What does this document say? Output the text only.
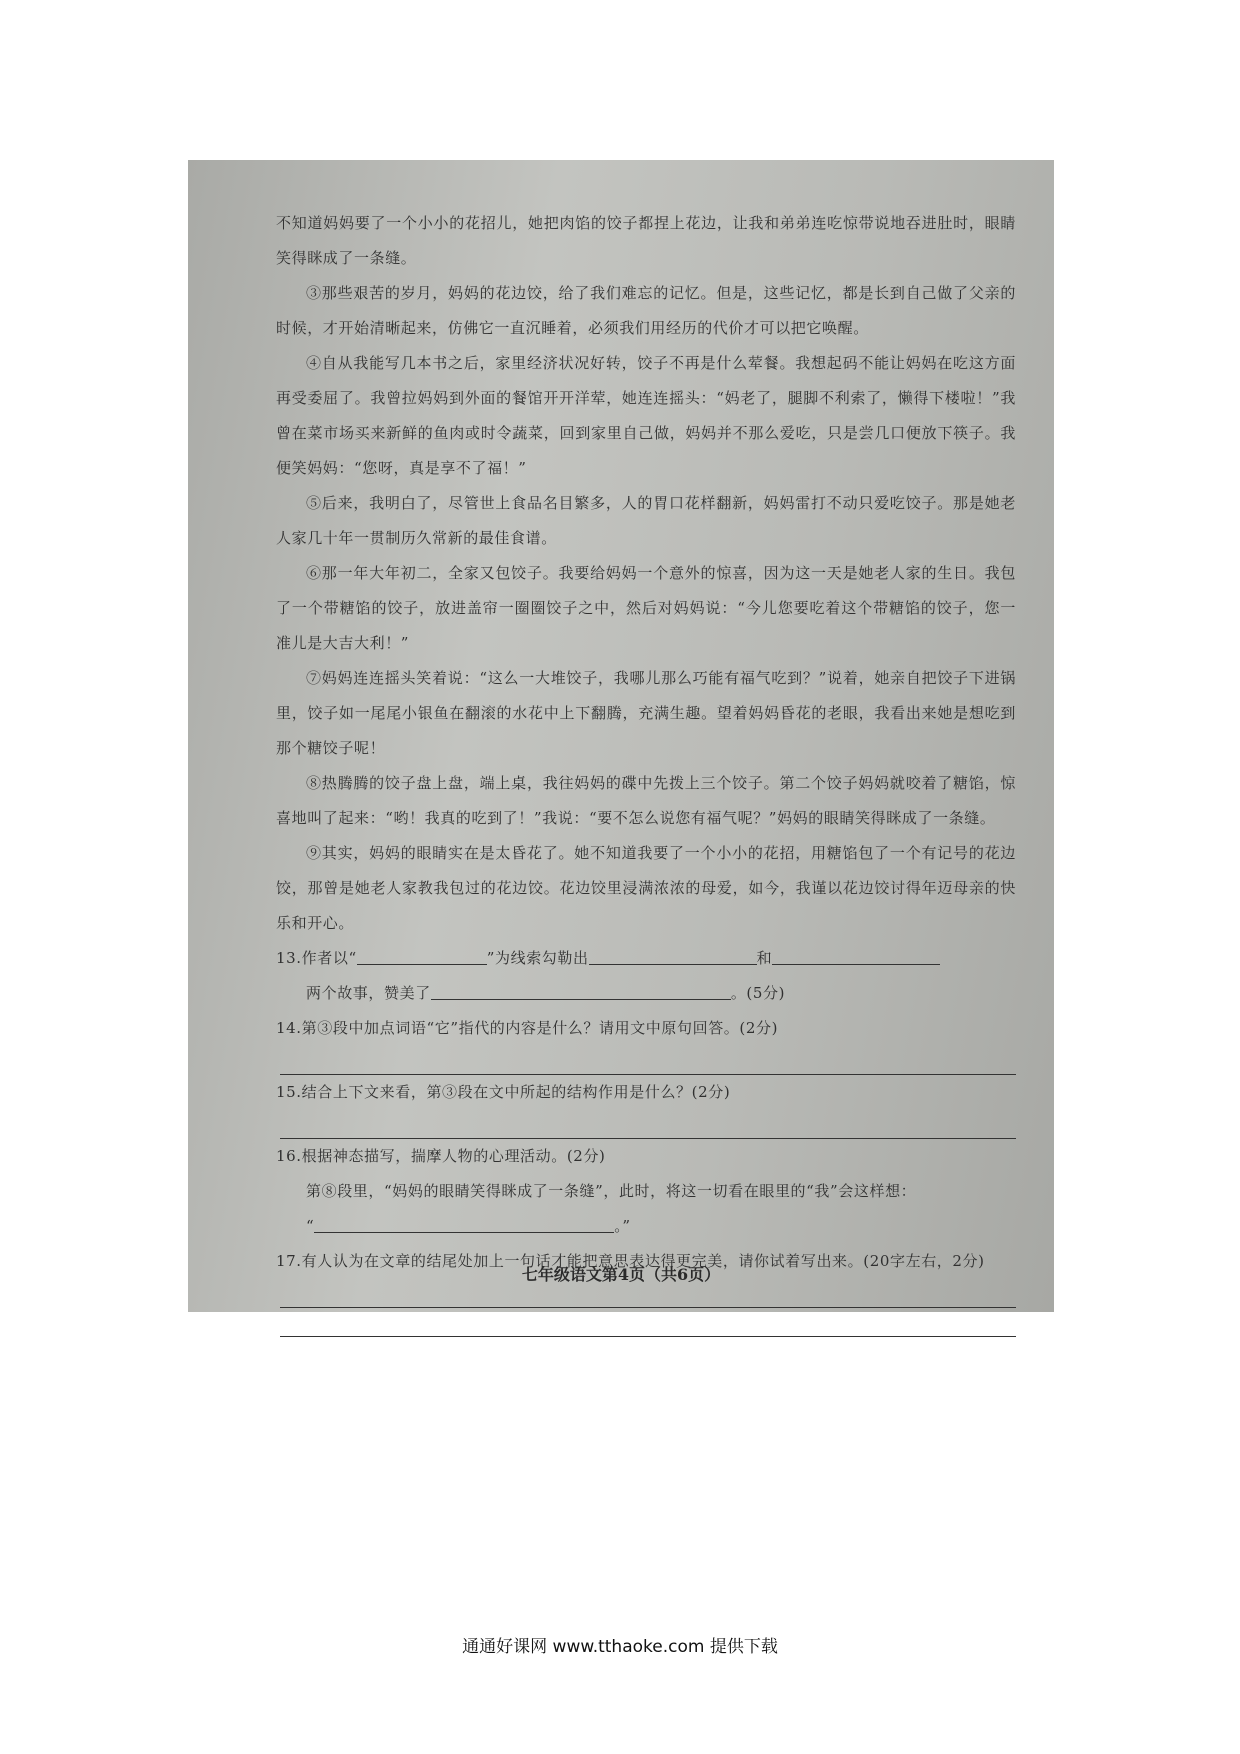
不知道妈妈要了一个小小的花招儿，她把肉馅的饺子都捏上花边，让我和弟弟连吃惊带说地吞进肚时，眼睛笑得眯成了一条缝。

③那些艰苦的岁月，妈妈的花边饺，给了我们难忘的记忆。但是，这些记忆，都是长到自己做了父亲的时候，才开始清晰起来，仿佛它一直沉睡着，必须我们用经历的代价才可以把它唤醒。

④自从我能写几本书之后，家里经济状况好转，饺子不再是什么荤餐。我想起码不能让妈妈在吃这方面再受委屈了。我曾拉妈妈到外面的餐馆开开洋荤，她连连摇头：“妈老了，腿脚不利索了，懒得下楼啦！”我曾在菜市场买来新鲜的鱼肉或时令蔬菜，回到家里自己做，妈妈并不那么爱吃，只是尝几口便放下筷子。我便笑妈妈：“您呀，真是享不了福！”

⑤后来，我明白了，尽管世上食品名目繁多，人的胃口花样翻新，妈妈雷打不动只爱吃饺子。那是她老人家几十年一贯制历久常新的最佳食谱。

⑥那一年大年初二，全家又包饺子。我要给妈妈一个意外的惊喜，因为这一天是她老人家的生日。我包了一个带糖馅的饺子，放进盖帘一圈圈饺子之中，然后对妈妈说：“今儿您要吃着这个带糖馅的饺子，您一准儿是大吉大利！”

⑦妈妈连连摇头笑着说：“这么一大堆饺子，我哪儿那么巧能有福气吃到？”说着，她亲自把饺子下进锅里，饺子如一尾尾小银鱼在翻滚的水花中上下翻腾，充满生趣。望着妈妈昏花的老眼，我看出来她是想吃到那个糖饺子呢！

⑧热腾腾的饺子盘上盘，端上桌，我往妈妈的碟中先拨上三个饺子。第二个饺子妈妈就咬着了糖馅，惊喜地叫了起来：“哟！我真的吃到了！”我说：“要不怎么说您有福气呢？”妈妈的眼睛笑得眯成了一条缝。

⑨其实，妈妈的眼睛实在是太昏花了。她不知道我要了一个小小的花招，用糖馅包了一个有记号的花边饺，那曾是她老人家教我包过的花边饺。花边饺里浸满浓浓的母爱，如今，我谨以花边饺讨得年迈母亲的快乐和开心。

13.作者以“	”为线索勾勒出	和
两个故事，赞美了	。(5分)
14.第③段中加点词语“它”指代的内容是什么？请用文中原句回答。(2分)
15.结合上下文来看，第③段在文中所起的结构作用是什么？(2分)
16.根据神态描写，揣摩人物的心理活动。(2分)
第⑧段里，“妈妈的眼睛笑得眯成了一条缝”，此时，将这一切看在眼里的“我”会这样想：
“	。”
17.有人认为在文章的结尾处加上一句话才能把意思表达得更完美，请你试着写出来。(20字左右，2分)
七年级语文第4页（共6页）
通通好课网 www.tthaoke.com 提供下载
